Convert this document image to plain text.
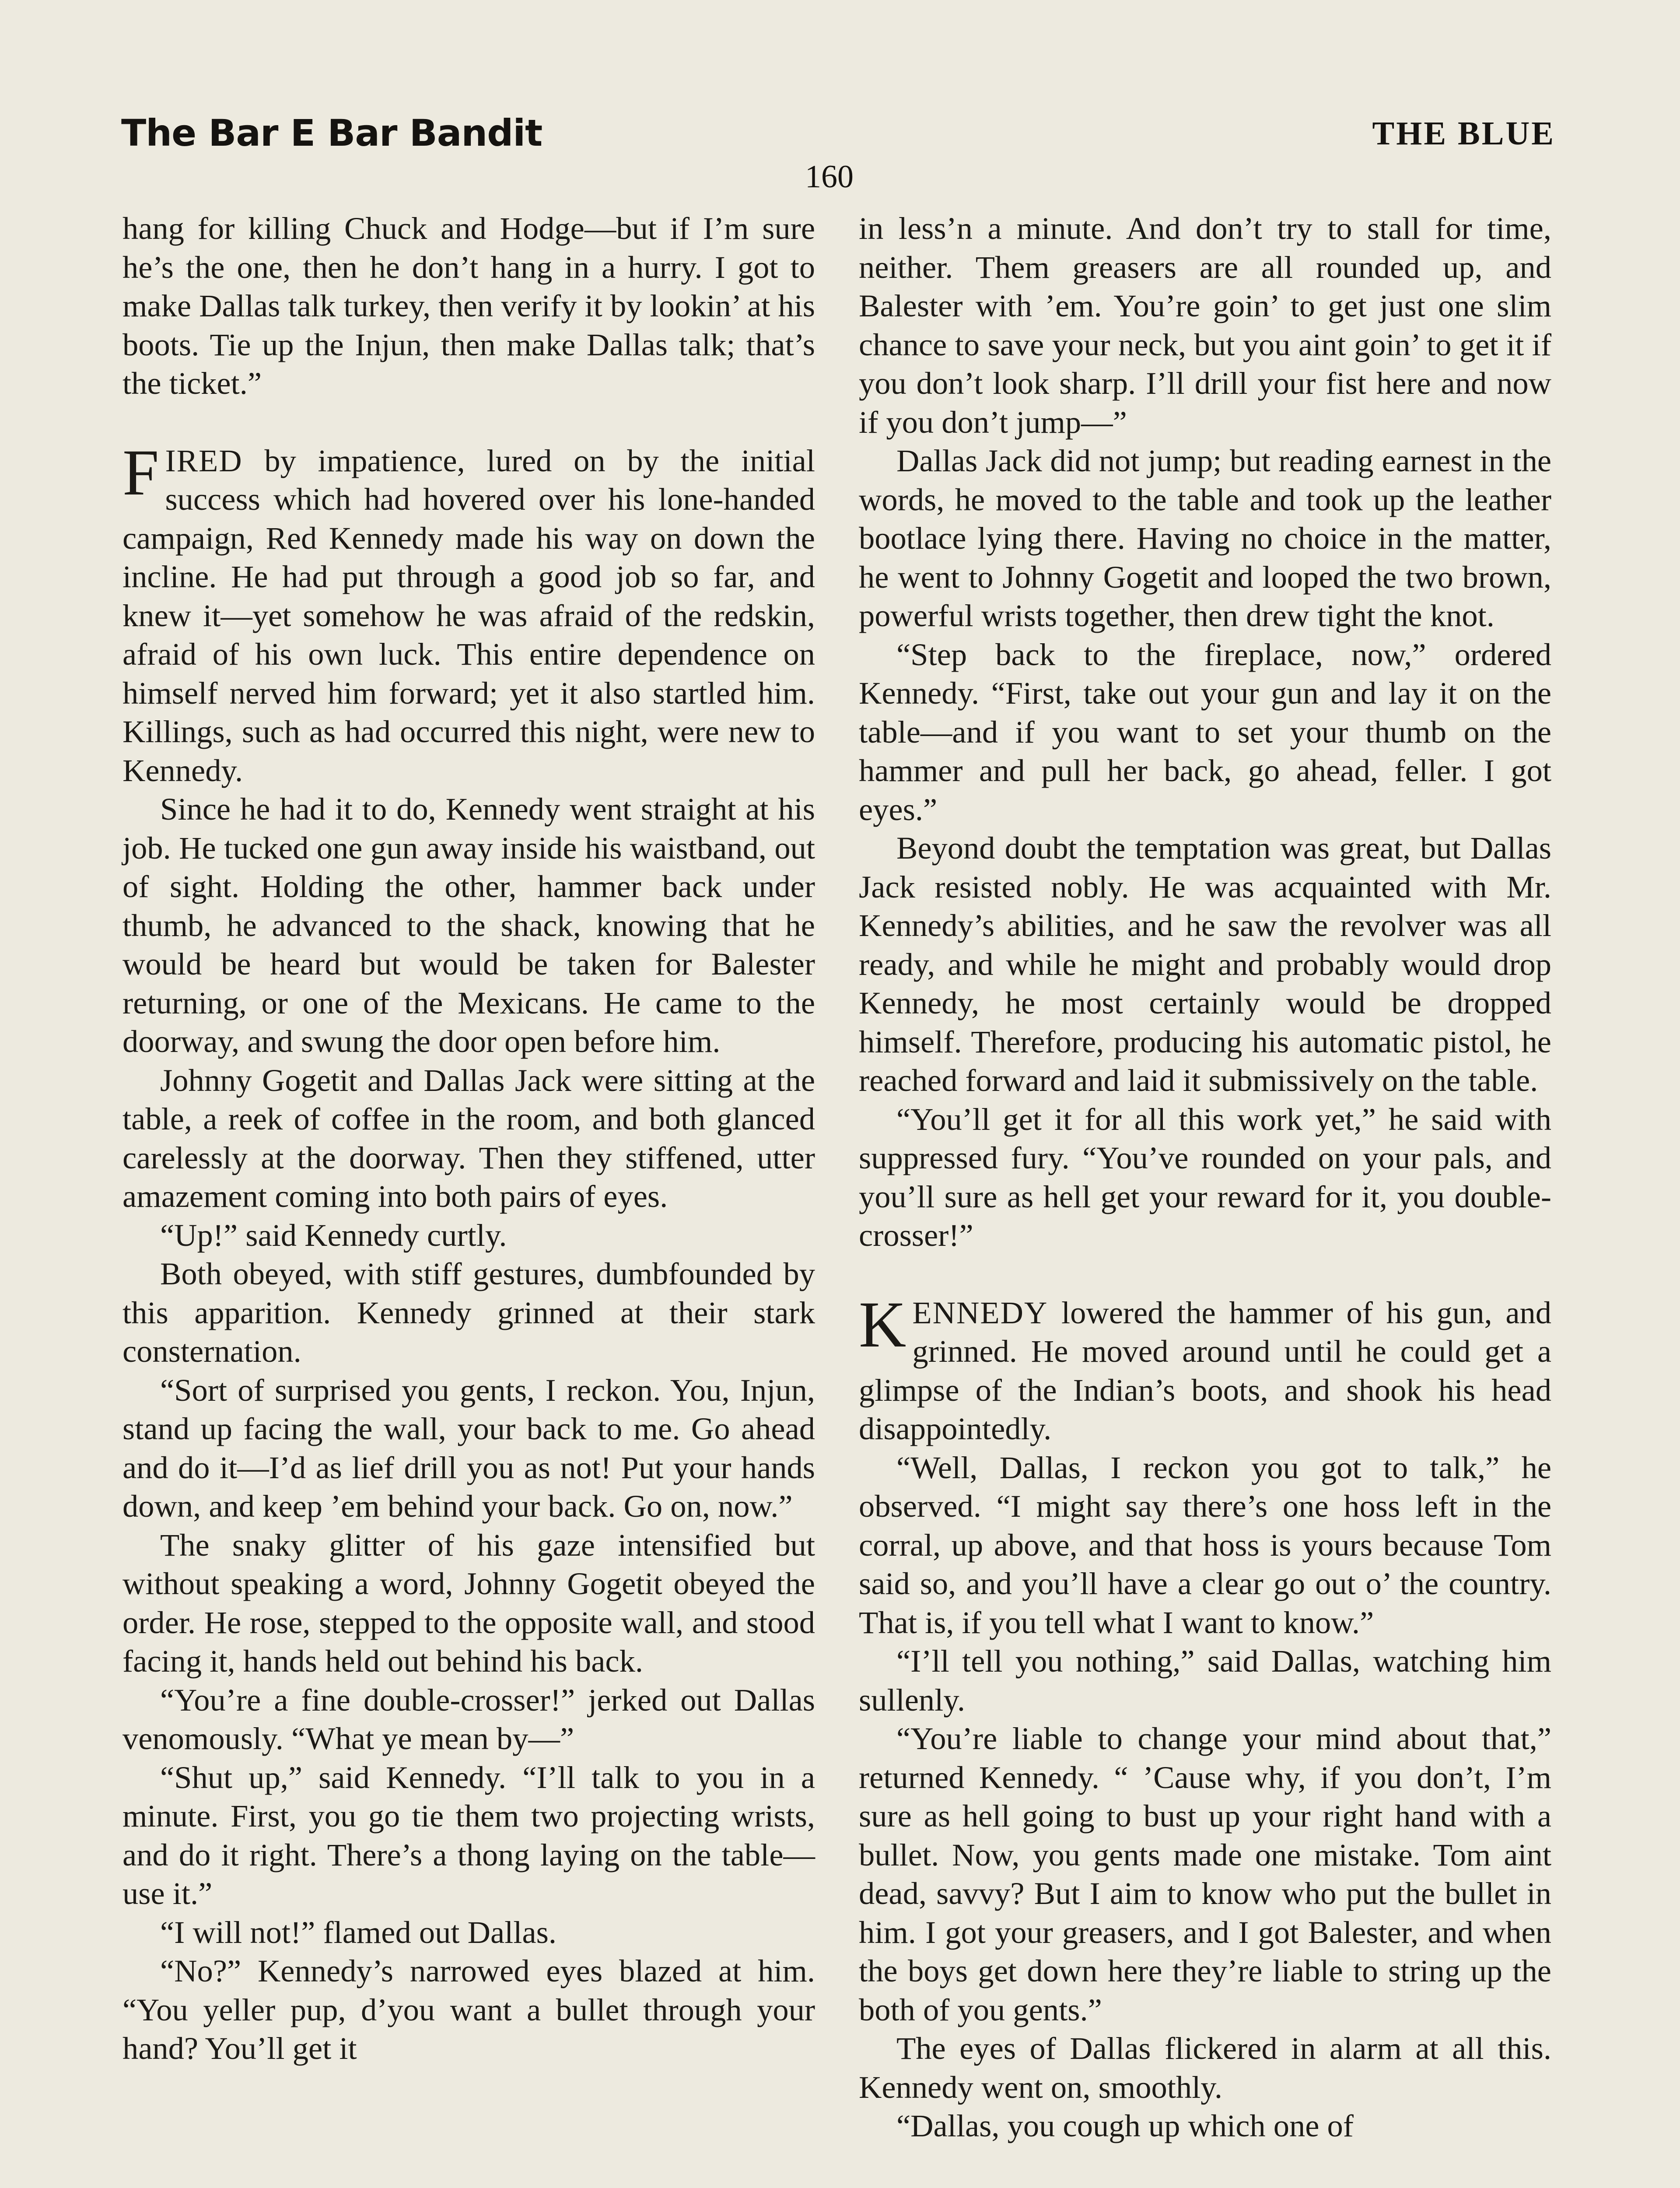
The Bar E Bar Bandit	THE BLUE
160

hang for killing Chuck and Hodge—but if I’m sure he’s the one, then he don’t hang in a hurry. I got to make Dallas talk turkey, then verify it by lookin’ at his boots. Tie up the Injun, then make Dallas talk; that’s the ticket.”

FIRED by impatience, lured on by the initial success which had hovered over his lone-handed campaign, Red Kennedy made his way on down the incline. He had put through a good job so far, and knew it—yet somehow he was afraid of the redskin, afraid of his own luck. This entire dependence on himself nerved him forward; yet it also startled him. Killings, such as had occurred this night, were new to Kennedy.

Since he had it to do, Kennedy went straight at his job. He tucked one gun away inside his waistband, out of sight. Holding the other, hammer back under thumb, he advanced to the shack, knowing that he would be heard but would be taken for Balester returning, or one of the Mexicans. He came to the doorway, and swung the door open before him.

Johnny Gogetit and Dallas Jack were sitting at the table, a reek of coffee in the room, and both glanced carelessly at the doorway. Then they stiffened, utter amazement coming into both pairs of eyes.

“Up!” said Kennedy curtly.

Both obeyed, with stiff gestures, dumbfounded by this apparition. Kennedy grinned at their stark consternation.

“Sort of surprised you gents, I reckon. You, Injun, stand up facing the wall, your back to me. Go ahead and do it—I’d as lief drill you as not! Put your hands down, and keep ’em behind your back. Go on, now.”

The snaky glitter of his gaze intensified but without speaking a word, Johnny Gogetit obeyed the order. He rose, stepped to the opposite wall, and stood facing it, hands held out behind his back.

“You’re a fine double-crosser!” jerked out Dallas venomously. “What ye mean by—”

“Shut up,” said Kennedy. “I’ll talk to you in a minute. First, you go tie them two projecting wrists, and do it right. There’s a thong laying on the table—use it.”

“I will not!” flamed out Dallas.

“No?” Kennedy’s narrowed eyes blazed at him. “You yeller pup, d’you want a bullet through your hand? You’ll get it

in less’n a minute. And don’t try to stall for time, neither. Them greasers are all rounded up, and Balester with ’em. You’re goin’ to get just one slim chance to save your neck, but you aint goin’ to get it if you don’t look sharp. I’ll drill your fist here and now if you don’t jump—”

Dallas Jack did not jump; but reading earnest in the words, he moved to the table and took up the leather bootlace lying there. Having no choice in the matter, he went to Johnny Gogetit and looped the two brown, powerful wrists together, then drew tight the knot.

“Step back to the fireplace, now,” ordered Kennedy. “First, take out your gun and lay it on the table—and if you want to set your thumb on the hammer and pull her back, go ahead, feller. I got eyes.”

Beyond doubt the temptation was great, but Dallas Jack resisted nobly. He was acquainted with Mr. Kennedy’s abilities, and he saw the revolver was all ready, and while he might and probably would drop Kennedy, he most certainly would be dropped himself. Therefore, producing his automatic pistol, he reached forward and laid it submissively on the table.

“You’ll get it for all this work yet,” he said with suppressed fury. “You’ve rounded on your pals, and you’ll sure as hell get your reward for it, you double-crosser!”

KENNEDY lowered the hammer of his gun, and grinned. He moved around until he could get a glimpse of the Indian’s boots, and shook his head disappointedly.

“Well, Dallas, I reckon you got to talk,” he observed. “I might say there’s one hoss left in the corral, up above, and that hoss is yours because Tom said so, and you’ll have a clear go out o’ the country. That is, if you tell what I want to know.”

“I’ll tell you nothing,” said Dallas, watching him sullenly.

“You’re liable to change your mind about that,” returned Kennedy. “ ’Cause why, if you don’t, I’m sure as hell going to bust up your right hand with a bullet. Now, you gents made one mistake. Tom aint dead, savvy? But I aim to know who put the bullet in him. I got your greasers, and I got Balester, and when the boys get down here they’re liable to string up the both of you gents.”

The eyes of Dallas flickered in alarm at all this. Kennedy went on, smoothly.

“Dallas, you cough up which one of
